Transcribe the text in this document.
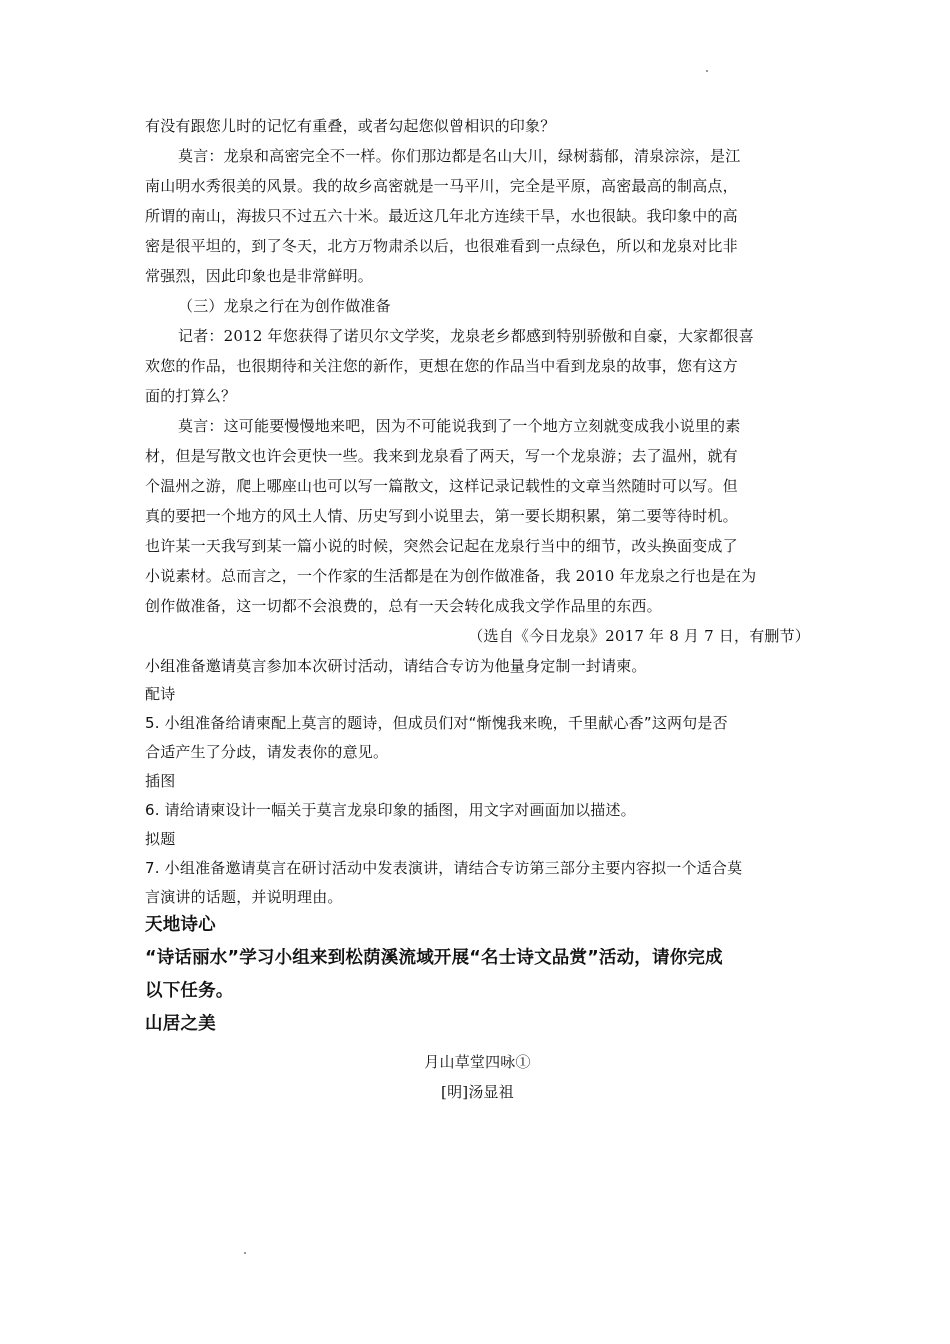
有没有跟您儿时的记忆有重叠，或者勾起您似曾相识的印象？

莫言：龙泉和高密完全不一样。你们那边都是名山大川，绿树蓊郁，清泉淙淙，是江

南山明水秀很美的风景。我的故乡高密就是一马平川，完全是平原，高密最高的制高点，

所谓的南山，海拔只不过五六十米。最近这几年北方连续干旱，水也很缺。我印象中的高

密是很平坦的，到了冬天，北方万物肃杀以后，也很难看到一点绿色，所以和龙泉对比非

常强烈，因此印象也是非常鲜明。

（三）龙泉之行在为创作做准备

记者：2012 年您获得了诺贝尔文学奖，龙泉老乡都感到特别骄傲和自豪，大家都很喜

欢您的作品，也很期待和关注您的新作，更想在您的作品当中看到龙泉的故事，您有这方

面的打算么？

莫言：这可能要慢慢地来吧，因为不可能说我到了一个地方立刻就变成我小说里的素

材，但是写散文也许会更快一些。我来到龙泉看了两天，写一个龙泉游；去了温州，就有

个温州之游，爬上哪座山也可以写一篇散文，这样记录记载性的文章当然随时可以写。但

真的要把一个地方的风土人情、历史写到小说里去，第一要长期积累，第二要等待时机。

也许某一天我写到某一篇小说的时候，突然会记起在龙泉行当中的细节，改头换面变成了

小说素材。总而言之，一个作家的生活都是在为创作做准备，我 2010 年龙泉之行也是在为

创作做准备，这一切都不会浪费的，总有一天会转化成我文学作品里的东西。

（选自《今日龙泉》2017 年 8 月 7 日，有删节）

小组准备邀请莫言参加本次研讨活动，请结合专访为他量身定制一封请柬。

配诗

5. 小组准备给请柬配上莫言的题诗，但成员们对“惭愧我来晚，千里献心香”这两句是否

合适产生了分歧，请发表你的意见。

插图

6. 请给请柬设计一幅关于莫言龙泉印象的插图，用文字对画面加以描述。

拟题

7. 小组准备邀请莫言在研讨活动中发表演讲，请结合专访第三部分主要内容拟一个适合莫

言演讲的话题，并说明理由。

天地诗心

“诗话丽水”学习小组来到松荫溪流域开展“名士诗文品赏”活动，请你完成

以下任务。

山居之美

月山草堂四咏①

[明]汤显祖
